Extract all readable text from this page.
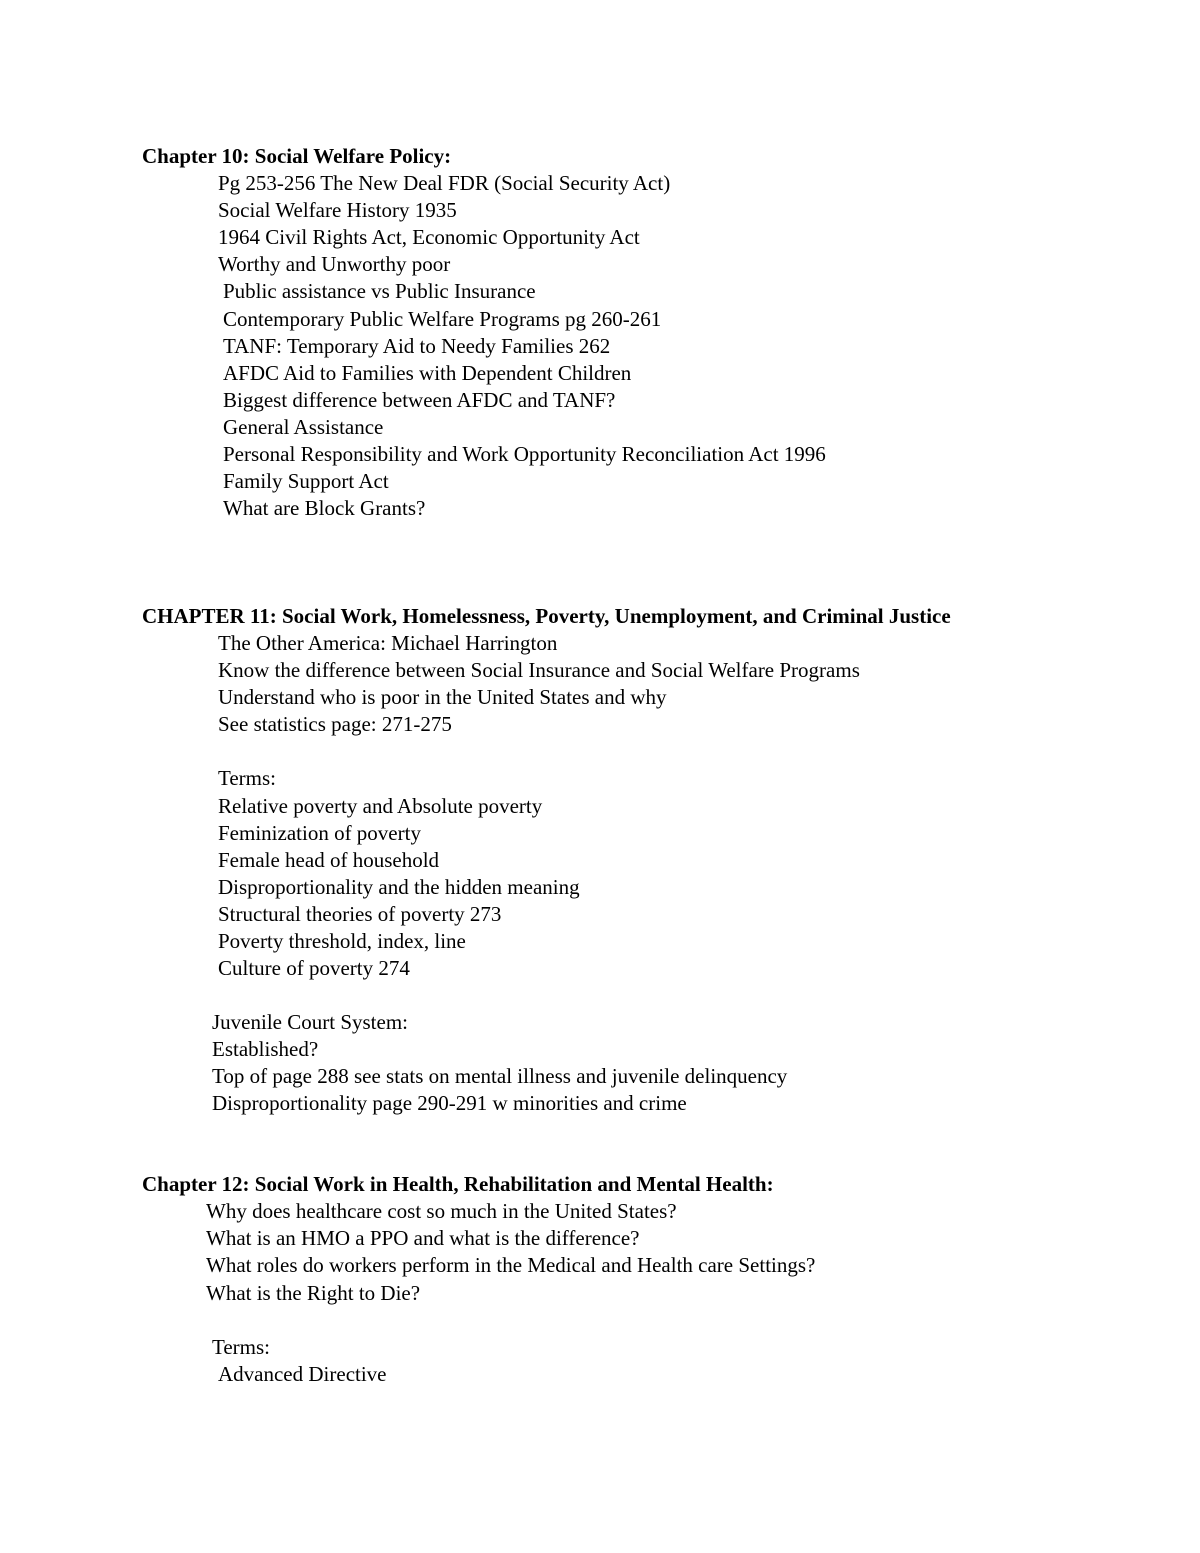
Chapter 10: Social Welfare Policy:
Pg 253-256 The New Deal FDR (Social Security Act)
Social Welfare History 1935
1964 Civil Rights Act, Economic Opportunity Act
Worthy and Unworthy poor
Public assistance vs Public Insurance
Contemporary Public Welfare Programs pg 260-261
TANF: Temporary Aid to Needy Families 262
AFDC Aid to Families with Dependent Children
Biggest difference between AFDC and TANF?
General Assistance
Personal Responsibility and Work Opportunity Reconciliation Act 1996
Family Support Act
What are Block Grants?
CHAPTER 11: Social Work, Homelessness, Poverty, Unemployment, and Criminal Justice
The Other America: Michael Harrington
Know the difference between Social Insurance and Social Welfare Programs
Understand who is poor in the United States and why
See statistics page: 271-275
Terms:
Relative poverty and Absolute poverty
Feminization of poverty
Female head of household
Disproportionality and the hidden meaning
Structural theories of poverty 273
Poverty threshold, index, line
Culture of poverty 274
Juvenile Court System:
Established?
Top of page 288 see stats on mental illness and juvenile delinquency
Disproportionality page 290-291 w minorities and crime
Chapter 12: Social Work in Health, Rehabilitation and Mental Health:
Why does healthcare cost so much in the United States?
What is an HMO a PPO and what is the difference?
What roles do workers perform in the Medical and Health care Settings?
What is the Right to Die?
Terms:
Advanced Directive
